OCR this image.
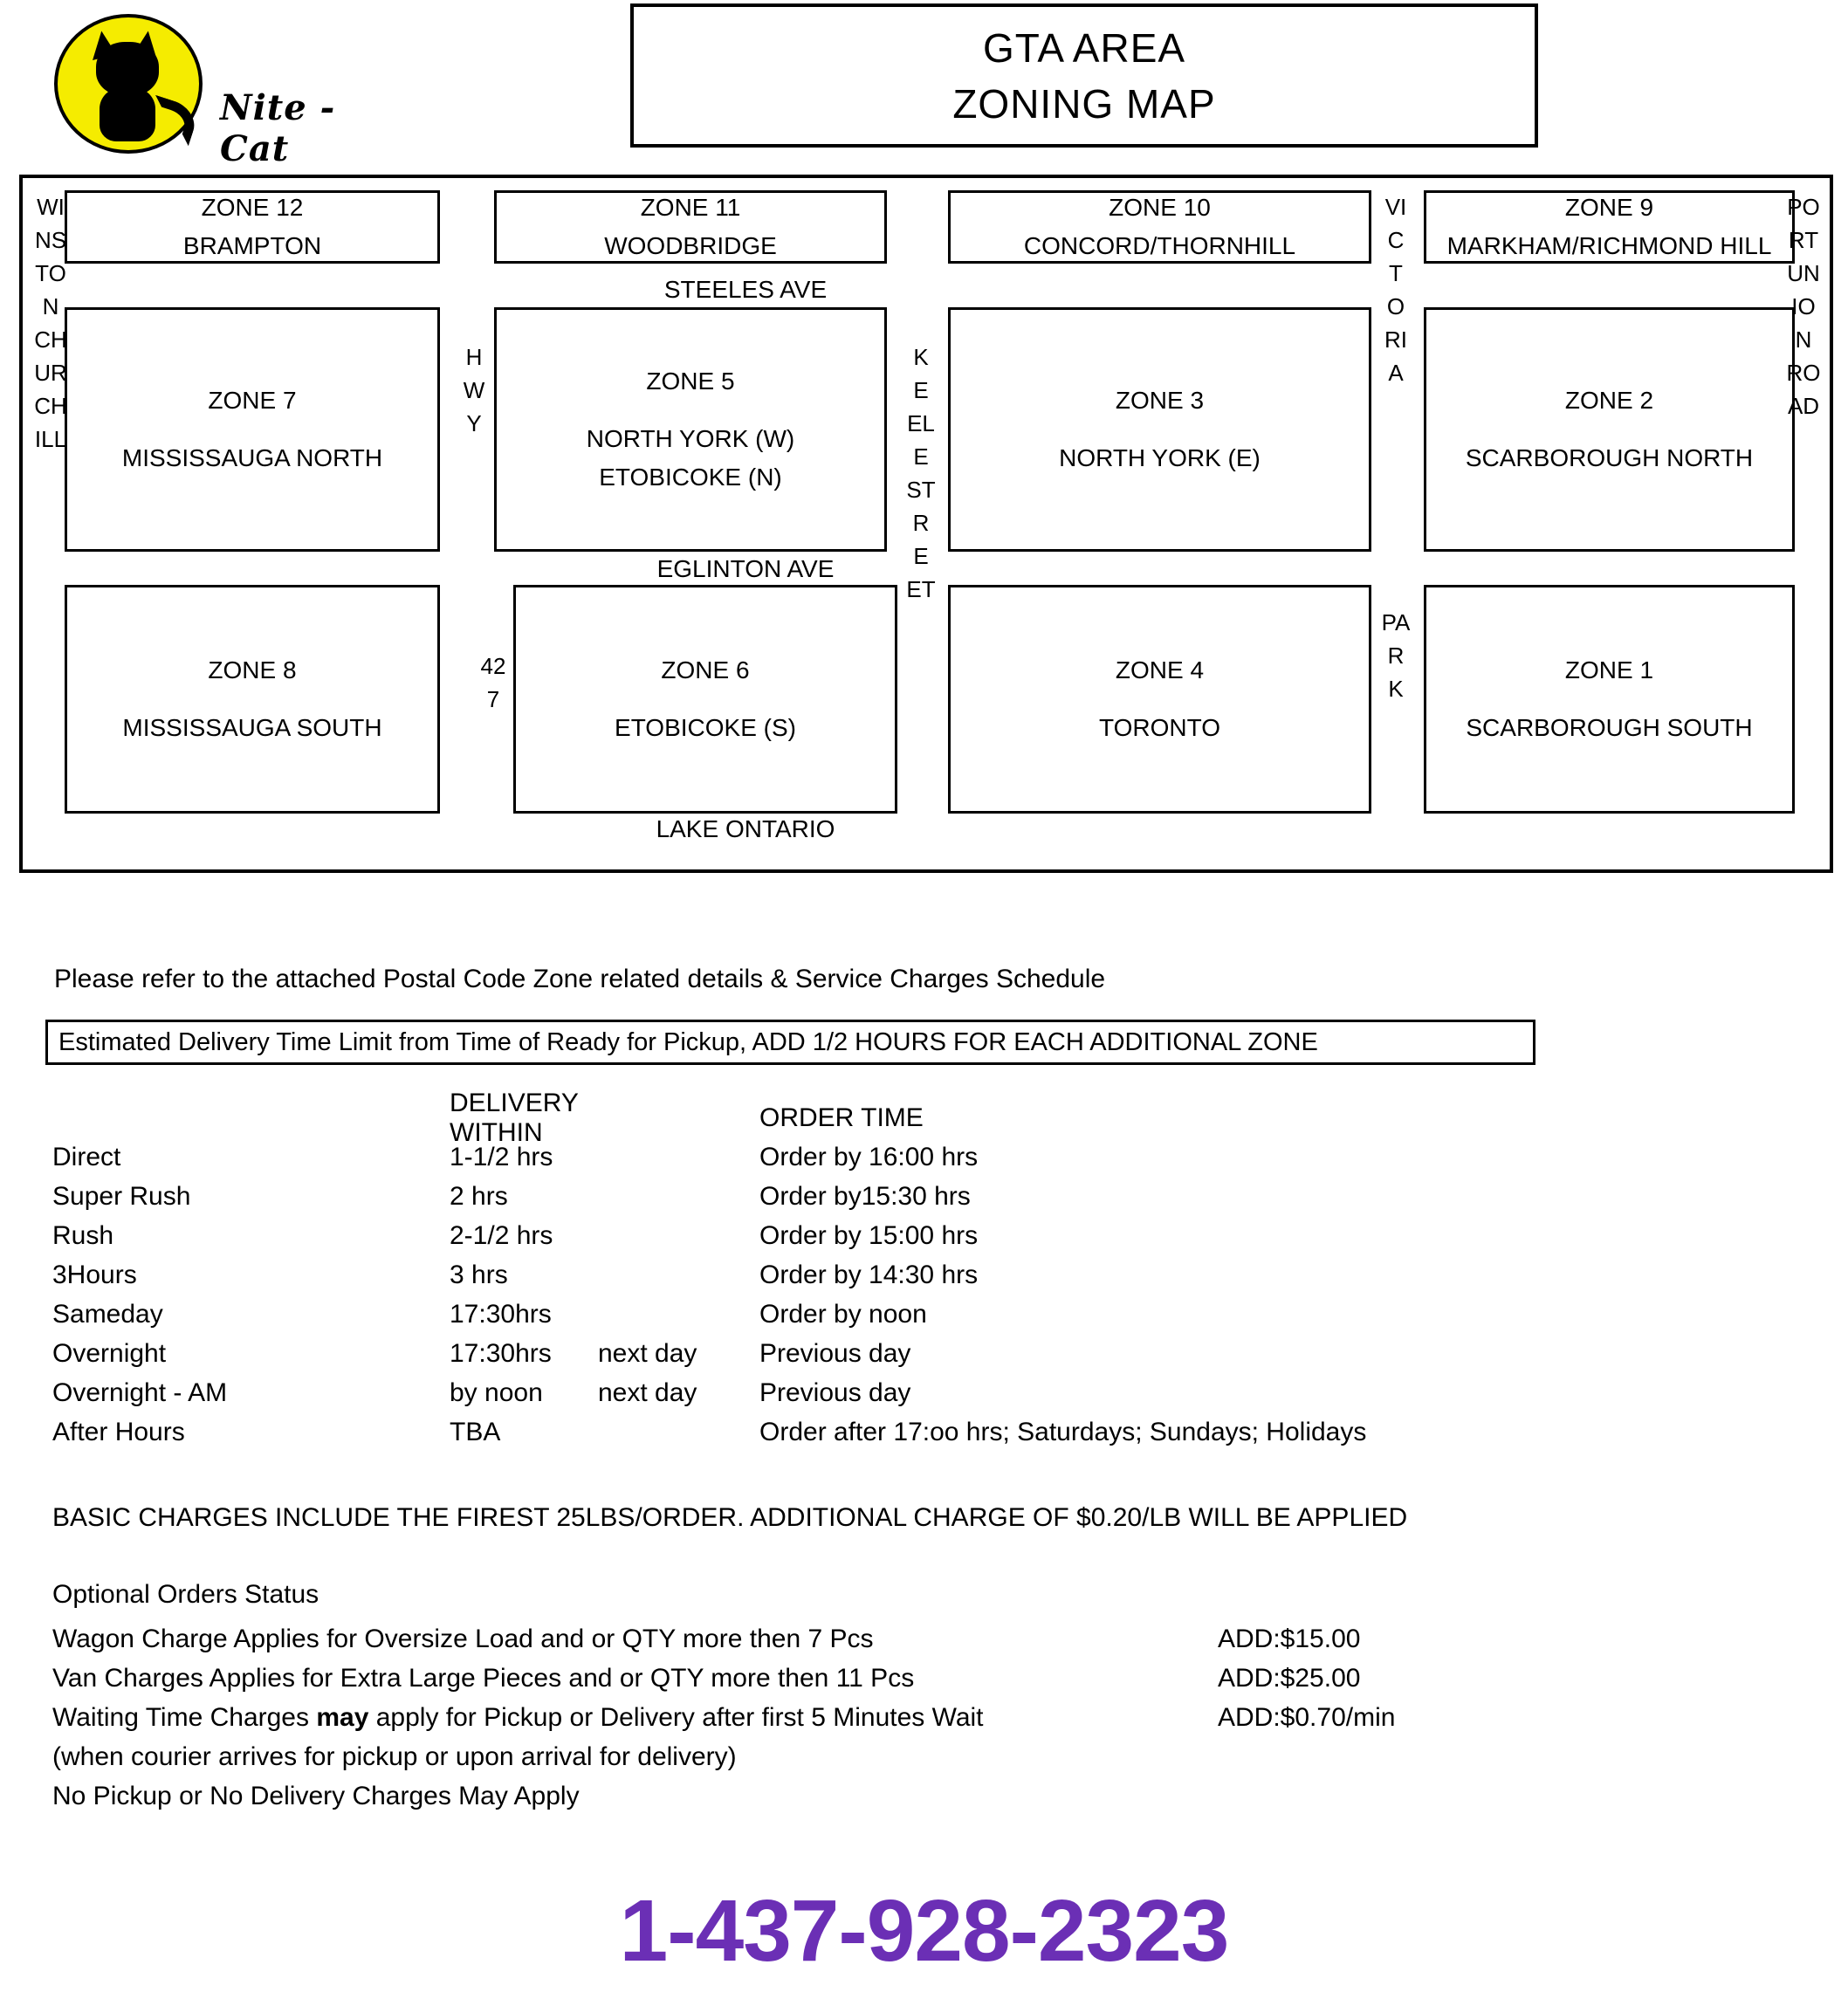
Nite - Cat
GTA AREA
ZONING MAP
WINSTON CHURCHILL
PORT UNION ROAD
ZONE 12
BRAMPTON
ZONE 11
WOODBRIDGE
ZONE 10
CONCORD/THORNHILL
ZONE 9
MARKHAM/RICHMOND HILL
STEELES AVE
ZONE 7
MISSISSAUGA NORTH
HWY
ZONE 5
NORTH YORK (W)
ETOBICOKE (N)
KEELE STREET
ZONE 3
NORTH YORK (E)
VICTORIA
ZONE 2
SCARBOROUGH NORTH
EGLINTON AVE
ZONE 8
MISSISSAUGA SOUTH
427
ZONE 6
ETOBICOKE (S)
ZONE 4
TORONTO
PARK
ZONE 1
SCARBOROUGH SOUTH
LAKE ONTARIO
Please refer to the attached Postal Code Zone related details & Service Charges Schedule
Estimated Delivery Time Limit from Time of Ready for Pickup, ADD 1/2 HOURS FOR EACH ADDITIONAL ZONE
DELIVERY WITHIN
ORDER TIME
Direct	1-1/2 hrs	Order by 16:00 hrs
Super Rush	2 hrs	Order by15:30 hrs
Rush	2-1/2 hrs	Order by 15:00 hrs
3Hours	3 hrs	Order by 14:30 hrs
Sameday	17:30hrs	Order by noon
Overnight	17:30hrs	next day	Previous day
Overnight - AM	by noon	next day	Previous day
After Hours	TBA	Order after 17:oo hrs; Saturdays; Sundays; Holidays
BASIC CHARGES INCLUDE THE FIREST 25LBS/ORDER. ADDITIONAL CHARGE OF $0.20/LB WILL BE APPLIED
Optional Orders Status
Wagon Charge Applies for Oversize Load and or QTY more then 7 Pcs	ADD:$15.00
Van Charges Applies for Extra Large Pieces and or QTY more then 11 Pcs	ADD:$25.00
Waiting Time Charges may apply for Pickup or Delivery after first 5 Minutes Wait	ADD:$0.70/min
(when courier arrives for pickup or upon arrival for delivery)
No Pickup or No Delivery Charges May Apply
1-437-928-2323
